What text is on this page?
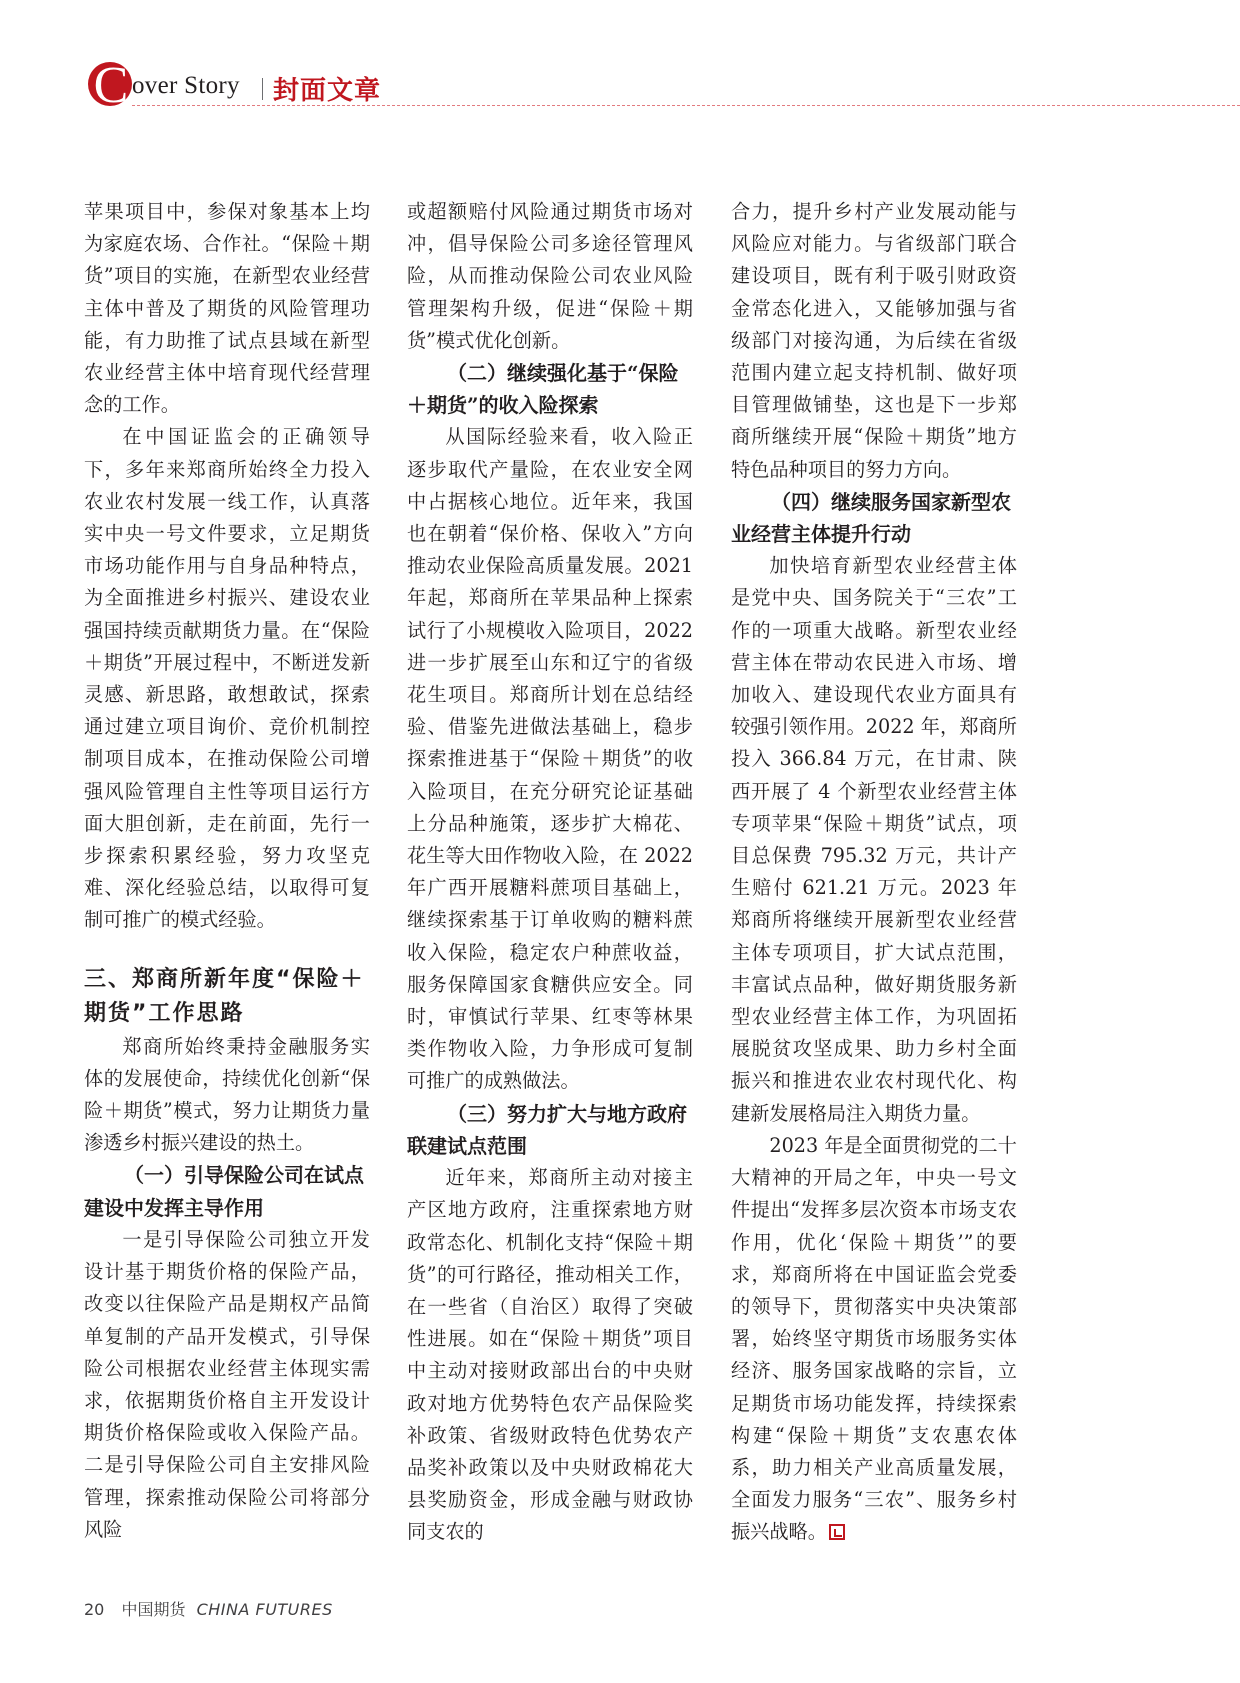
C over Story 封面文章

苹果项目中，参保对象基本上均为家庭农场、合作社。“保险＋期货”项目的实施，在新型农业经营主体中普及了期货的风险管理功能，有力助推了试点县域在新型农业经营主体中培育现代经营理念的工作。

在中国证监会的正确领导下，多年来郑商所始终全力投入农业农村发展一线工作，认真落实中央一号文件要求，立足期货市场功能作用与自身品种特点，为全面推进乡村振兴、建设农业强国持续贡献期货力量。在“保险＋期货”开展过程中，不断迸发新灵感、新思路，敢想敢试，探索通过建立项目询价、竞价机制控制项目成本，在推动保险公司增强风险管理自主性等项目运行方面大胆创新，走在前面，先行一步探索积累经验，努力攻坚克难、深化经验总结，以取得可复制可推广的模式经验。

三、郑商所新年度“保险＋期货”工作思路

郑商所始终秉持金融服务实体的发展使命，持续优化创新“保险＋期货”模式，努力让期货力量渗透乡村振兴建设的热土。

（一）引导保险公司在试点建设中发挥主导作用

一是引导保险公司独立开发设计基于期货价格的保险产品，改变以往保险产品是期权产品简单复制的产品开发模式，引导保险公司根据农业经营主体现实需求，依据期货价格自主开发设计期货价格保险或收入保险产品。二是引导保险公司自主安排风险管理，探索推动保险公司将部分风险

或超额赔付风险通过期货市场对冲，倡导保险公司多途径管理风险，从而推动保险公司农业风险管理架构升级，促进“保险＋期货”模式优化创新。

（二）继续强化基于“保险＋期货”的收入险探索

从国际经验来看，收入险正逐步取代产量险，在农业安全网中占据核心地位。近年来，我国也在朝着“保价格、保收入”方向推动农业保险高质量发展。2021 年起，郑商所在苹果品种上探索试行了小规模收入险项目，2022 进一步扩展至山东和辽宁的省级花生项目。郑商所计划在总结经验、借鉴先进做法基础上，稳步探索推进基于“保险＋期货”的收入险项目，在充分研究论证基础上分品种施策，逐步扩大棉花、花生等大田作物收入险，在 2022 年广西开展糖料蔗项目基础上，继续探索基于订单收购的糖料蔗收入保险，稳定农户种蔗收益，服务保障国家食糖供应安全。同时，审慎试行苹果、红枣等林果类作物收入险，力争形成可复制可推广的成熟做法。

（三）努力扩大与地方政府联建试点范围

近年来，郑商所主动对接主产区地方政府，注重探索地方财政常态化、机制化支持“保险＋期货”的可行路径，推动相关工作，在一些省（自治区）取得了突破性进展。如在“保险＋期货”项目中主动对接财政部出台的中央财政对地方优势特色农产品保险奖补政策、省级财政特色优势农产品奖补政策以及中央财政棉花大县奖励资金，形成金融与财政协同支农的

合力，提升乡村产业发展动能与风险应对能力。与省级部门联合建设项目，既有利于吸引财政资金常态化进入，又能够加强与省级部门对接沟通，为后续在省级范围内建立起支持机制、做好项目管理做铺垫，这也是下一步郑商所继续开展“保险＋期货”地方特色品种项目的努力方向。

（四）继续服务国家新型农业经营主体提升行动

加快培育新型农业经营主体是党中央、国务院关于“三农”工作的一项重大战略。新型农业经营主体在带动农民进入市场、增加收入、建设现代农业方面具有较强引领作用。2022 年，郑商所投入 366.84 万元，在甘肃、陕西开展了 4 个新型农业经营主体专项苹果“保险＋期货”试点，项目总保费 795.32 万元，共计产生赔付 621.21 万元。2023 年郑商所将继续开展新型农业经营主体专项项目，扩大试点范围，丰富试点品种，做好期货服务新型农业经营主体工作，为巩固拓展脱贫攻坚成果、助力乡村全面振兴和推进农业农村现代化、构建新发展格局注入期货力量。

2023 年是全面贯彻党的二十大精神的开局之年，中央一号文件提出“发挥多层次资本市场支农作用，优化‘保险＋期货’”的要求，郑商所将在中国证监会党委的领导下，贯彻落实中央决策部署，始终坚守期货市场服务实体经济、服务国家战略的宗旨，立足期货市场功能发挥，持续探索构建“保险＋期货”支农惠农体系，助力相关产业高质量发展，全面发力服务“三农”、服务乡村振兴战略。

20 中国期货 CHINA FUTURES
